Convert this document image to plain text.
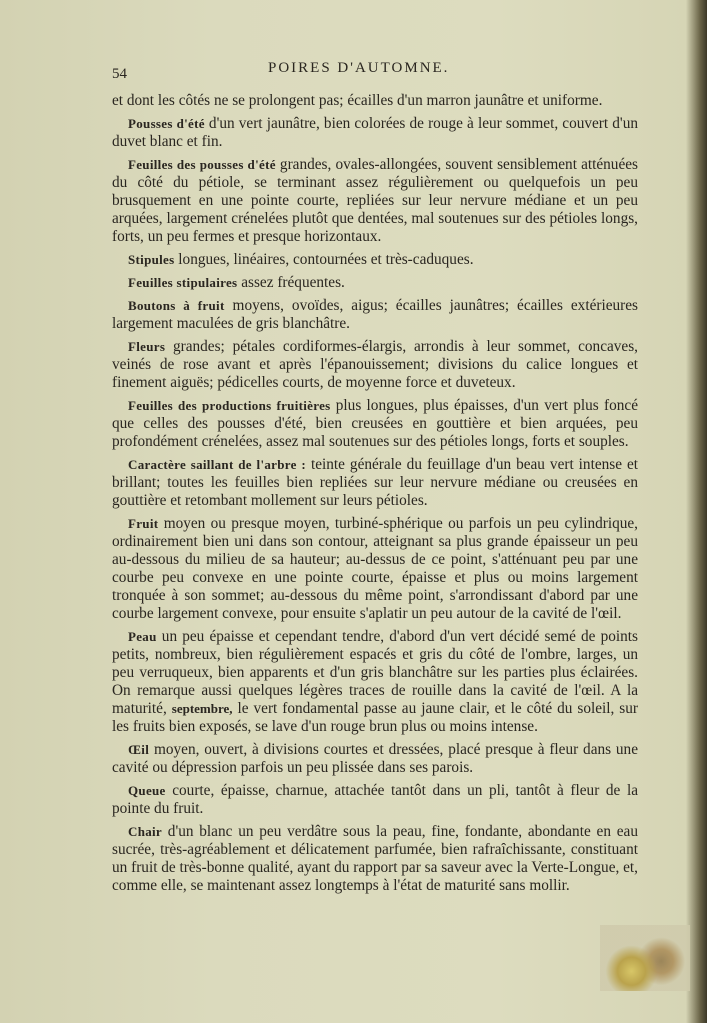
54	POIRES D'AUTOMNE.

et dont les côtés ne se prolongent pas; écailles d'un marron jaunâtre et uniforme.

Pousses d'été d'un vert jaunâtre, bien colorées de rouge à leur sommet, couvert d'un duvet blanc et fin.

Feuilles des pousses d'été grandes, ovales-allongées, souvent sensiblement atténuées du côté du pétiole, se terminant assez régulièrement ou quelquefois un peu brusquement en une pointe courte, repliées sur leur nervure médiane et un peu arquées, largement crénelées plutôt que dentées, mal soutenues sur des pétioles longs, forts, un peu fermes et presque horizontaux.

Stipules longues, linéaires, contournées et très-caduques.

Feuilles stipulaires assez fréquentes.

Boutons à fruit moyens, ovoïdes, aigus; écailles jaunâtres; écailles extérieures largement maculées de gris blanchâtre.

Fleurs grandes; pétales cordiformes-élargis, arrondis à leur sommet, concaves, veinés de rose avant et après l'épanouissement; divisions du calice longues et finement aiguës; pédicelles courts, de moyenne force et duveteux.

Feuilles des productions fruitières plus longues, plus épaisses, d'un vert plus foncé que celles des pousses d'été, bien creusées en gouttière et bien arquées, peu profondément crénelées, assez mal soutenues sur des pétioles longs, forts et souples.

Caractère saillant de l'arbre : teinte générale du feuillage d'un beau vert intense et brillant; toutes les feuilles bien repliées sur leur nervure médiane ou creusées en gouttière et retombant mollement sur leurs pétioles.

Fruit moyen ou presque moyen, turbiné-sphérique ou parfois un peu cylindrique, ordinairement bien uni dans son contour, atteignant sa plus grande épaisseur un peu au-dessous du milieu de sa hauteur; au-dessus de ce point, s'atténuant peu par une courbe peu convexe en une pointe courte, épaisse et plus ou moins largement tronquée à son sommet; au-dessous du même point, s'arrondissant d'abord par une courbe largement convexe, pour ensuite s'aplatir un peu autour de la cavité de l'œil.

Peau un peu épaisse et cependant tendre, d'abord d'un vert décidé semé de points petits, nombreux, bien régulièrement espacés et gris du côté de l'ombre, larges, un peu verruqueux, bien apparents et d'un gris blanchâtre sur les parties plus éclairées. On remarque aussi quelques légères traces de rouille dans la cavité de l'œil. A la maturité, septembre, le vert fondamental passe au jaune clair, et le côté du soleil, sur les fruits bien exposés, se lave d'un rouge brun plus ou moins intense.

Œil moyen, ouvert, à divisions courtes et dressées, placé presque à fleur dans une cavité ou dépression parfois un peu plissée dans ses parois.

Queue courte, épaisse, charnue, attachée tantôt dans un pli, tantôt à fleur de la pointe du fruit.

Chair d'un blanc un peu verdâtre sous la peau, fine, fondante, abondante en eau sucrée, très-agréablement et délicatement parfumée, bien rafraîchissante, constituant un fruit de très-bonne qualité, ayant du rapport par sa saveur avec la Verte-Longue, et, comme elle, se maintenant assez longtemps à l'état de maturité sans mollir.
